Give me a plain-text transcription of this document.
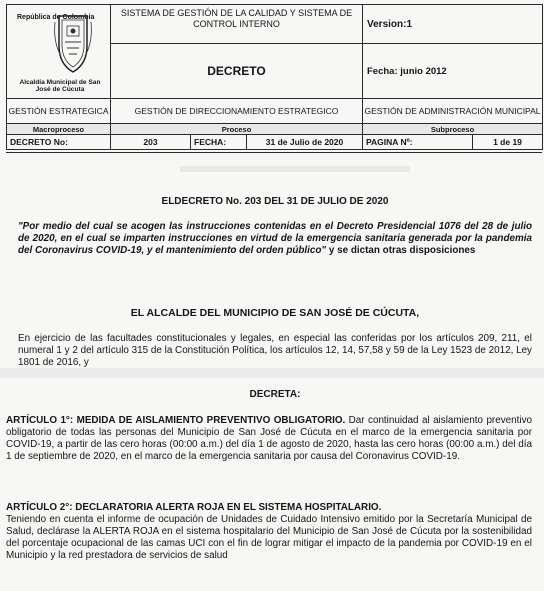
República de Colombia
Alcaldía Municipal de San José de Cúcuta	SISTEMA DE GESTIÓN DE LA CALIDAD Y SISTEMA DE CONTROL INTERNO	Version:1
	DECRETO	Fecha: junio 2012
GESTIÓN ESTRATEGICA	GESTIÓN DE DIRECCIONAMIENTO ESTRATEGICO	GESTIÓN DE ADMINISTRACIÓN MUNICIPAL
Macroproceso	Proceso	Subproceso
DECRETO No:	203	FECHA:	31 de Julio de 2020	PAGINA Nº:	1 de 19
ELDECRETO No. 203 DEL 31 DE JULIO DE 2020
"Por medio del cual se acogen las instrucciones contenidas en el Decreto Presidencial 1076 del 28 de julio de 2020, en el cual se imparten instrucciones en virtud de la emergencia sanitaria generada por la pandemia del Coronavirus COVID-19, y el mantenimiento del orden público" y se dictan otras disposiciones
EL ALCALDE DEL MUNICIPIO DE SAN JOSÉ DE CÚCUTA,
En ejercicio de las facultades constitucionales y legales, en especial las conferidas por los artículos 209, 211, el numeral 1 y 2 del artículo 315 de la Constitución Política, los artículos 12, 14, 57,58 y 59 de la Ley 1523 de 2012, Ley 1801 de 2016, y
DECRETA:
ARTÍCULO 1°: MEDIDA DE AISLAMIENTO PREVENTIVO OBLIGATORIO. Dar continuidad al aislamiento preventivo obligatorio de todas las personas del Municipio de San José de Cúcuta en el marco de la emergencia sanitaria por COVID-19, a partir de las cero horas (00:00 a.m.) del día 1 de agosto de 2020, hasta las cero horas (00:00 a.m.) del día 1 de septiembre de 2020, en el marco de la emergencia sanitaria por causa del Coronavirus COVID-19.
ARTÍCULO 2°: DECLARATORIA ALERTA ROJA EN EL SISTEMA HOSPITALARIO.
Teniendo en cuenta el informe de ocupación de Unidades de Cuidado Intensivo emitido por la Secretaría Municipal de Salud, declárase la ALERTA ROJA en el sistema hospitalario del Municipio de San José de Cúcuta por la sostenibilidad del porcentaje ocupacional de las camas UCI con el fin de lograr mitigar el impacto de la pandemia por COVID-19 en el Municipio y la red prestadora de servicios de salud
